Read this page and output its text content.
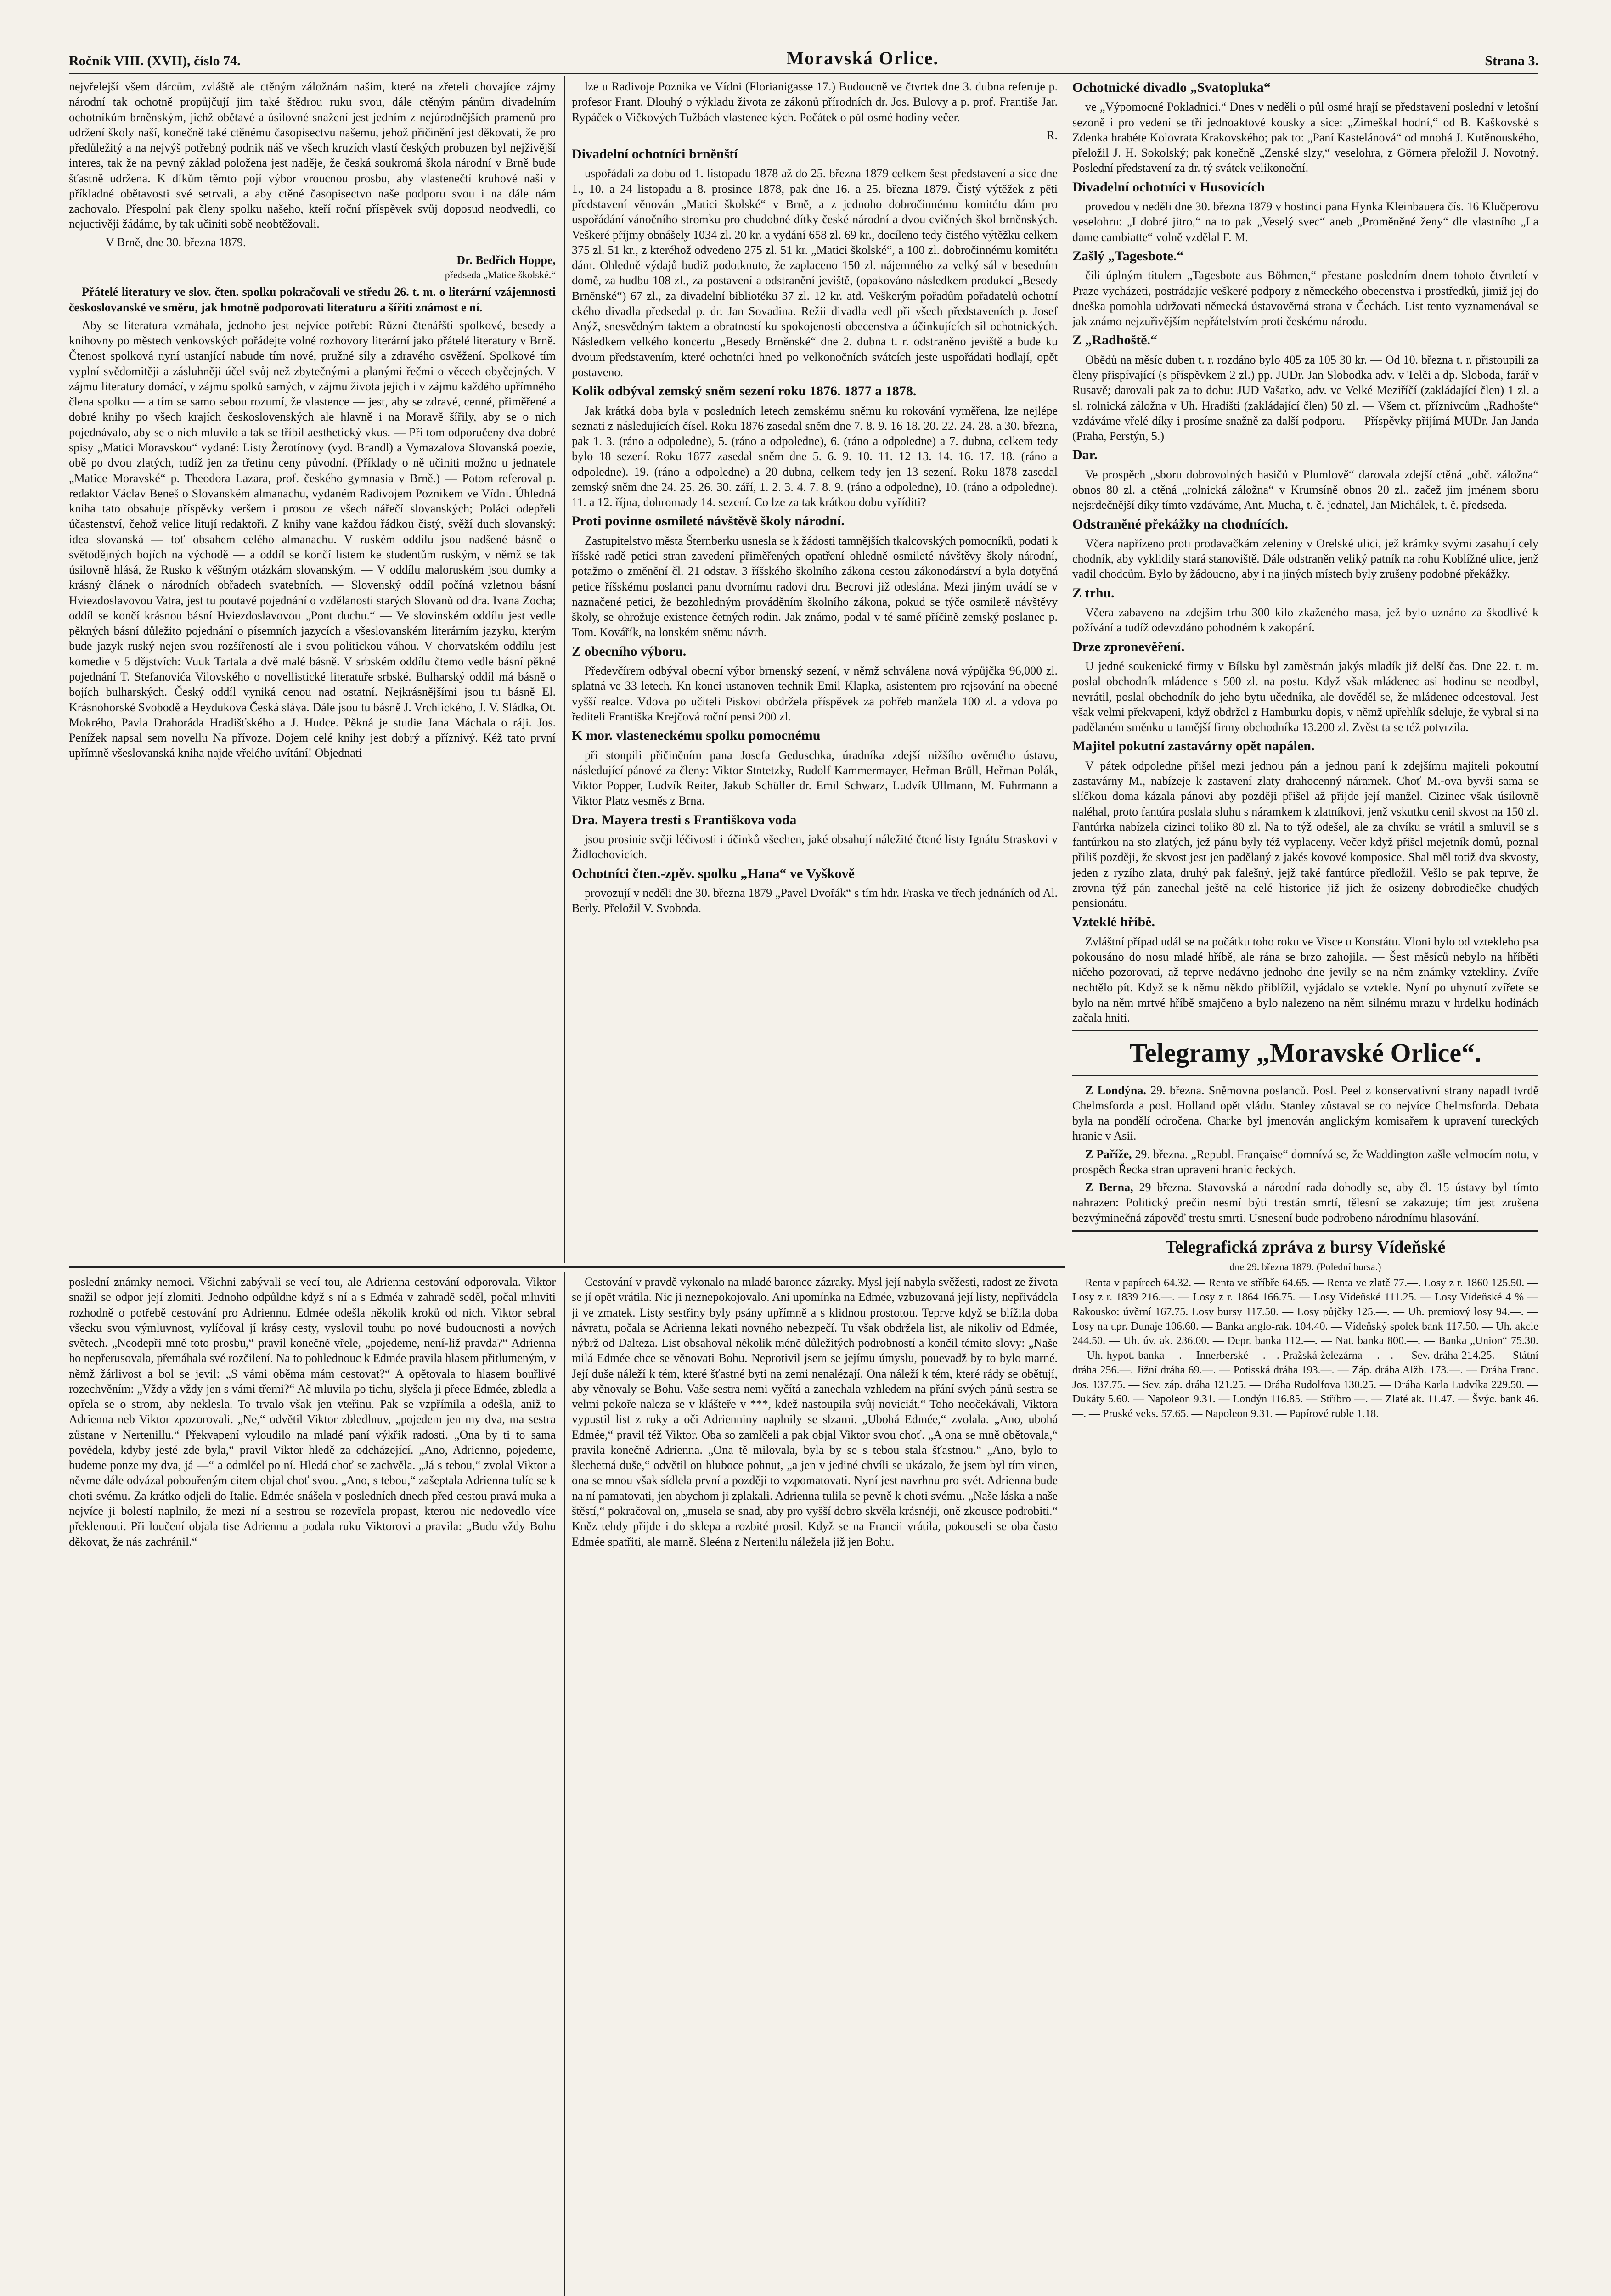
Ročník VIII. (XVII), číslo 74.	Moravská Orlice.	Strana 3.

nejvřelejší všem dárcům, zvláště ale ctěným záložnám našim, které na zřeteli chovajíce zájmy národní tak ochotně propůjčují jim také štědrou ruku svou, dále ctěným pánům divadelním ochotníkům brněnským, jichž obětavé a úsilovné snažení jest jedním z nejúrodnějších pramenů pro udržení školy naší, konečně také ctěnému časopisectvu našemu, jehož přičinění jest děkovati, že pro předůležitý a na nejvýš potřebný podnik náš ve všech kruzích vlastí českých probuzen byl nejživější interes, tak že na pevný základ položena jest naděje, že česká soukromá škola národní v Brně bude šťastně udržena. K díkům těmto pojí výbor vroucnou prosbu, aby vlastenečtí kruhové naši v příkladné obětavosti své setrvali, a aby ctěné časopisectvo naše podporu svou i na dále nám zachovalo. Přespolní pak členy spolku našeho, kteří roční příspěvek svůj doposud neodvedli, co nejuctivěji žádáme, by tak učiniti sobě neobtěžovali.

V Brně, dne 30. března 1879.

Dr. Bedřich Hoppe,

předseda „Matice školské.“

Přátelé literatury ve slov. čten. spolku pokračovali ve středu 26. t. m. o literární vzájemnosti českoslovanské ve směru, jak hmotně podporovati literaturu a šířiti známost e ní.

Aby se literatura vzmáhala, jednoho jest nejvíce potřebí: Různí čtenářští spolkové, besedy a knihovny po městech venkovských pořádejte volné rozhovory literární jako přátelé literatury v Brně. Čtenost spolková nyní ustanjící nabude tím nové, pružné síly a zdravého osvěžení. Spolkové tím vyplní svědomitěji a zásluhněji účel svůj než zbytečnými a planými řečmi o věcech obyčejných. V zájmu literatury domácí, v zájmu spolků samých, v zájmu života jejich i v zájmu každého upřímného člena spolku — a tím se samo sebou rozumí, že vlastence — jest, aby se zdravé, cenné, přiměřené a dobré knihy po všech krajích československých ale hlavně i na Moravě šířily, aby se o nich pojednávalo, aby se o nich mluvilo a tak se tříbil aesthetický vkus. — Při tom odporučeny dva dobré spisy „Matici Moravskou“ vydané: Listy Žerotínovy (vyd. Brandl) a Vymazalova Slovanská poezie, obě po dvou zlatých, tudíž jen za třetinu ceny původní. (Příklady o ně učiniti možno u jednatele „Matice Moravské“ p. Theodora Lazara, prof. českého gymnasia v Brně.) — Potom referoval p. redaktor Václav Beneš o Slovanském almanachu, vydaném Radivojem Poznikem ve Vídni. Úhledná kniha tato obsahuje příspěvky veršem i prosou ze všech nářečí slovanských; Poláci odepřeli účastenství, čehož velice litují redaktoři. Z knihy vane každou řádkou čistý, svěží duch slovanský: idea slovanská — toť obsahem celého almanachu. V ruském oddílu jsou nadšené básně o světodějných bojích na východě — a oddíl se končí listem ke studentům ruským, v němž se tak úsilovně hlásá, že Rusko k věštným otázkám slovanským. — V oddílu maloruském jsou dumky a krásný článek o národních obřadech svatebních. — Slovenský oddíl počíná vzletnou básní Hviezdoslavovou Vatra, jest tu poutavé pojednání o vzdělanosti starých Slovanů od dra. Ivana Zocha; oddíl se končí krásnou básní Hviezdoslavovou „Pont duchu.“ — Ve slovinském oddílu jest vedle pěkných básní důležito pojednání o písemních jazycích a všeslovanském literárním jazyku, kterým bude jazyk ruský nejen svou rozšířeností ale i svou politickou váhou. V chorvatském oddílu jest komedie v 5 dějstvích: Vuuk Tartala a dvě malé básně. V srbském oddílu čtemo vedle básní pěkné pojednání T. Stefanovića Vilovského o novellistické literatuře srbské. Bulharský oddíl má básně o bojích bulharských. Český oddíl vyniká cenou nad ostatní. Nejkrásnějšími jsou tu básně El. Krásnohorské Svobodě a Heydukova Česká sláva. Dále jsou tu básně J. Vrchlického, J. V. Sládka, Ot. Mokrého, Pavla Drahoráda Hradišťského a J. Hudce. Pěkná je studie Jana Máchala o ráji. Jos. Penížek napsal sem novellu Na přívoze. Dojem celé knihy jest dobrý a příznivý. Kéž tato první upřímně všeslovanská kniha najde vřelého uvítání! Objednati

lze u Radivoje Poznika ve Vídni (Florianigasse 17.) Budoucně ve čtvrtek dne 3. dubna referuje p. profesor Frant. Dlouhý o výkladu života ze zákonů přírodních dr. Jos. Bulovy a p. prof. Františe Jar. Rypáček o Vičkových Tužbách vlastenec kých. Počátek o půl osmé hodiny večer.

R.

Divadelní ochotníci brněnští

uspořádali za dobu od 1. listopadu 1878 až do 25. března 1879 celkem šest představení a sice dne 1., 10. a 24 listopadu a 8. prosince 1878, pak dne 16. a 25. března 1879. Čistý výtěžek z pěti představení věnován „Matici školské“ v Brně, a z jednoho dobročinnému komitétu dám pro uspořádání vánočního stromku pro chudobné dítky české národní a dvou cvičných škol brněnských. Veškeré příjmy obnášely 1034 zl. 20 kr. a vydání 658 zl. 69 kr., docíleno tedy čistého výtěžku celkem 375 zl. 51 kr., z kteréhož odvedeno 275 zl. 51 kr. „Matici školské“, a 100 zl. dobročinnému komitétu dám. Ohledně výdajů budiž podotknuto, že zaplaceno 150 zl. nájemného za velký sál v besedním domě, za hudbu 108 zl., za postavení a odstranění jeviště, (opakováno následkem produkcí „Besedy Brněnské“) 67 zl., za divadelní bibliotéku 37 zl. 12 kr. atd. Veškerým pořadům pořadatelů ochotní ckého divadla předsedal p. dr. Jan Sovadina. Režii divadla vedl při všech představeních p. Josef Anýž, snesvědným taktem a obratností ku spokojenosti obecenstva a účinkujících sil ochotnických. Následkem velkého koncertu „Besedy Brněnské“ dne 2. dubna t. r. odstraněno jeviště a bude ku dvoum představením, které ochotníci hned po velkonočních svátcích jeste uspořádati hodlají, opět postaveno.

Kolik odbýval zemský sněm sezení roku 1876. 1877 a 1878.

Jak krátká doba byla v posledních letech zemskému sněmu ku rokování vyměřena, lze nejlépe seznati z následujících čísel. Roku 1876 zasedal sněm dne 7. 8. 9. 16 18. 20. 22. 24. 28. a 30. března, pak 1. 3. (ráno a odpoledne), 5. (ráno a odpoledne), 6. (ráno a odpoledne) a 7. dubna, celkem tedy bylo 18 sezení. Roku 1877 zasedal sněm dne 5. 6. 9. 10. 11. 12 13. 14. 16. 17. 18. (ráno a odpoledne). 19. (ráno a odpoledne) a 20 dubna, celkem tedy jen 13 sezení. Roku 1878 zasedal zemský sněm dne 24. 25. 26. 30. září, 1. 2. 3. 4. 7. 8. 9. (ráno a odpoledne), 10. (ráno a odpoledne). 11. a 12. října, dohromady 14. sezení. Co lze za tak krátkou dobu vyříditi?

Proti povinne osmileté návštěvě školy národní.

Zastupitelstvo města Šternberku usnesla se k žádosti tamnějších tkalcovských pomocníků, podati k říšské radě petici stran zavedení přiměřených opatření ohledně osmileté návštěvy školy národní, potažmo o změnění čl. 21 odstav. 3 říšského školního zákona cestou zákonodárství a byla dotyčná petice říšskému poslanci panu dvornímu radovi dru. Becrovi již odeslána. Mezi jiným uvádí se v naznačené petici, že bezohledným prováděním školního zákona, pokud se týče osmiletě návštěvy školy, se ohrožuje existence četných rodin. Jak známo, podal v té samé příčině zemský poslanec p. Tom. Kovářík, na lonském sněmu návrh.

Z obecního výboru.

Předevčírem odbýval obecní výbor brnenský sezení, v němž schválena nová výpůjčka 96,000 zl. splatná ve 33 letech. Kn konci ustanoven technik Emil Klapka, asistentem pro rejsování na obecné vyšší realce. Vdova po učiteli Piskovi obdržela příspěvek za pohřeb manžela 100 zl. a vdova po řediteli Františka Krejčová roční pensi 200 zl.

K mor. vlasteneckému spolku pomocnému

při stonpili přičiněním pana Josefa Geduschka, úradníka zdejší nižšího ověrného ústavu, následující pánové za členy: Viktor Stntetzky, Rudolf Kammermayer, Heřman Brüll, Heřman Polák, Viktor Popper, Ludvík Reiter, Jakub Schüller dr. Emil Schwarz, Ludvík Ullmann, M. Fuhrmann a Viktor Platz vesměs z Brna.

Dra. Mayera tresti s Františkova voda

jsou prosinie svěji léčivosti i účinků všechen, jaké obsahují náležité čtené listy Ignátu Straskovi v Židlochovicích.

Ochotníci čten.-zpěv. spolku „Hana“ ve Vyškově

provozují v neděli dne 30. března 1879 „Pavel Dvořák“ s tím hdr. Fraska ve třech jednáních od Al. Berly. Přeložil V. Svoboda.

Ochotnické divadlo „Svatopluka“

ve „Výpomocné Pokladnici.“ Dnes v neděli o půl osmé hrají se představení poslední v letošní sezoně i pro vedení se tři jednoaktové kousky a sice: „Zimeškal hodní,“ od B. Kaškovské s Zdenka hrabéte Kolovrata Krakovského; pak to: „Paní Kastelánová“ od mnohá J. Kutěnouského, přeložil J. H. Sokolský; pak konečně „Zenské slzy,“ veselohra, z Görnera přeložil J. Novotný. Poslední představení za dr. tý svátek velikonoční.

Divadelní ochotníci v Husovicích

provedou v neděli dne 30. března 1879 v hostinci pana Hynka Kleinbauera čís. 16 Klučperovu veselohru: „I dobré jitro,“ na to pak „Veselý svec“ aneb „Proměněné ženy“ dle vlastního „La dame cambiatte“ volně vzdělal F. M.

Zašlý „Tagesbote.“

čili úplným titulem „Tagesbote aus Böhmen,“ přestane posledním dnem tohoto čtvrtletí v Praze vycházeti, postrádajíc veškeré podpory z německého obecenstva i prostředků, jimiž jej do dneška pomohla udržovati německá ústavověrná strana v Čechách. List tento vyznamenával se jak známo nejzuřivějším nepřátelstvím proti českému národu.

Z „Radhoště.“

Obědů na měsíc duben t. r. rozdáno bylo 405 za 105 30 kr. — Od 10. března t. r. přistoupili za členy přispívající (s příspěvkem 2 zl.) pp. JUDr. Jan Slobodka adv. v Telči a dp. Sloboda, farář v Rusavě; darovali pak za to dobu: JUD Vašatko, adv. ve Velké Meziříčí (zakládající člen) 1 zl. a sl. rolnická záložna v Uh. Hradišti (zakládající člen) 50 zl. — Všem ct. příznivcům „Radhošte“ vzdáváme vřelé díky i prosíme snažně za další podporu. — Příspěvky přijímá MUDr. Jan Janda (Praha, Perstýn, 5.)

Dar.

Ve prospěch „sboru dobrovolných hasičů v Plumlově“ darovala zdejší ctěná „obč. záložna“ obnos 80 zl. a ctěná „rolnická záložna“ v Krumsíně obnos 20 zl., začež jim jménem sboru nejsrdečnější díky tímto vzdáváme, Ant. Mucha, t. č. jednatel, Jan Michálek, t. č. předseda.

Odstraněné překážky na chodnících.

Včera napřízeno proti prodavačkám zeleniny v Orelské ulici, jež krámky svými zasahují cely chodník, aby vyklidily stará stanoviště. Dále odstraněn veliký patník na rohu Koblížné ulice, jenž vadil chodcům. Bylo by žádoucno, aby i na jiných místech byly zrušeny podobné překážky.

Z trhu.

Včera zabaveno na zdejším trhu 300 kilo zkaženého masa, jež bylo uznáno za škodlivé k požívání a tudíž odevzdáno pohodném k zakopání.

Drze zpronevěření.

U jedné soukenické firmy v Bílsku byl zaměstnán jakýs mladík již delší čas. Dne 22. t. m. poslal obchodník mládence s 500 zl. na postu. Když však mládenec asi hodinu se neodbyl, nevrátil, poslal obchodník do jeho bytu učedníka, ale dověděl se, že mládenec odcestoval. Jest však velmi překvapeni, když obdržel z Hamburku dopis, v němž upřehlík sdeluje, že vybral si na padělaném směnku u tamější firmy obchodníka 13.200 zl. Zvěst ta se též potvrzila.

Majitel pokutní zastavárny opět napálen.

V pátek odpoledne přišel mezi jednou pán a jednou paní k zdejšímu majiteli pokoutní zastavárny M., nabízeje k zastavení zlaty drahocenný náramek. Choť M.-ova byvši sama se slíčkou doma kázala pánovi aby později přišel až přijde její manžel. Cizinec však úsilovně naléhal, proto fantúra poslala sluhu s náramkem k zlatníkovi, jenž vskutku cenil skvost na 150 zl. Fantúrka nabízela cizinci toliko 80 zl. Na to týž odešel, ale za chvíku se vrátil a smluvil se s fantúrkou na sto zlatých, jež pánu byly též vyplaceny. Večer když přišel mejetník domů, poznal přiliš později, že skvost jest jen padělaný z jakés kovové komposice. Sbal měl totiž dva skvosty, jeden z ryzího zlata, druhý pak falešný, jejž také fantúrce předložil. Vešlo se pak teprve, že zrovna týž pán zanechal ještě na celé historice již jich že osizeny dobrodiečke chudých pensionátu.

Vzteklé hříbě.

Zvláštní případ udál se na počátku toho roku ve Visce u Konstátu. Vloni bylo od vztekleho psa pokousáno do nosu mladé hříbě, ale rána se brzo zahojila. — Šest měsíců nebylo na hříběti ničeho pozorovati, až teprve nedávno jednoho dne jevily se na něm známky vztekliny. Zvíře nechtělo pít. Když se k němu někdo přiblížil, vyjádalo se vztekle. Nyní po uhynutí zvířete se bylo na něm mrtvé hříbě smajčeno a bylo nalezeno na něm silnému mrazu v hrdelku hodinách začala hniti.

Telegramy „Moravské Orlice“.

Z Londýna. 29. března. Sněmovna poslanců. Posl. Peel z konservativní strany napadl tvrdě Chelmsforda a posl. Holland opět vládu. Stanley zůstaval se co nejvíce Chelmsforda. Debata byla na pondělí odročena. Charke byl jmenován anglickým komisařem k upravení tureckých hranic v Asii.

Z Paříže, 29. března. „Republ. Française“ domnívá se, že Waddington zašle velmocím notu, v prospěch Řecka stran upravení hranic řeckých.

Z Berna, 29 března. Stavovská a národní rada dohodly se, aby čl. 15 ústavy byl tímto nahrazen: Politický prečin nesmí býti trestán smrtí, tělesní se zakazuje; tím jest zrušena bezvýminečná zápověď trestu smrti. Usnesení bude podrobeno národnímu hlasování.

Telegrafická zpráva z bursy Vídeňské
dne 29. března 1879. (Polední bursa.)

Renta v papírech 64.32. — Renta ve stříbře 64.65. — Renta ve zlatě 77.—. Losy z r. 1860 125.50. — Losy z r. 1839 216.—. — Losy z r. 1864 166.75. — Losy Vídeňské 111.25. — Losy Vídeňské 4 % — Rakousko: úvěrní 167.75. Losy bursy 117.50. — Losy půjčky 125.—. — Uh. premiový losy 94.—. — Losy na upr. Dunaje 106.60. — Banka anglo-rak. 104.40. — Vídeňský spolek bank 117.50. — Uh. akcie 244.50. — Uh. úv. ak. 236.00. — Depr. banka 112.—. — Nat. banka 800.—. — Banka „Union“ 75.30. — Uh. hypot. banka —.— Innerberské —.—. Pražská železárna —.—. — Sev. dráha 214.25. — Státní dráha 256.—. Jižní dráha 69.—. — Potisská dráha 193.—. — Záp. dráha Alžb. 173.—. — Dráha Franc. Jos. 137.75. — Sev. záp. dráha 121.25. — Dráha Rudolfova 130.25. — Dráha Karla Ludvíka 229.50. — Dukáty 5.60. — Napoleon 9.31. — Londýn 116.85. — Stříbro —. — Zlaté ak. 11.47. — Švýc. bank 46.—. — Pruské veks. 57.65. — Napoleon 9.31. — Papírové ruble 1.18.

poslední známky nemoci. Všichni zabývali se vecí tou, ale Adrienna cestování odporovala. Viktor snažil se odpor její zlomiti. Jednoho odpůldne když s ní a s Edméa v zahradě seděl, počal mluviti rozhodně o potřebě cestování pro Adriennu. Edmée odešla několik kroků od nich. Viktor sebral všecku svou výmluvnost, vylíčoval jí krásy cesty, vyslovil touhu po nové budoucnosti a nových světech. „Neodepři mně toto prosbu,“ pravil konečně vřele, „pojedeme, není-liž pravda?“ Adrienna ho nepřerusovala, přemáhala své rozčilení. Na to pohlednouc k Edmée pravila hlasem přitlumeným, v němž žárlivost a bol se jevil: „S vámi oběma mám cestovat?“ A opětovala to hlasem bouřlivé rozechvěním: „Vždy a vždy jen s vámi třemi?“ Ač mluvila po tichu, slyšela ji přece Edmée, zbledla a opřela se o strom, aby neklesla. To trvalo však jen vteřinu. Pak se vzpřímila a odešla, aniž to Adrienna neb Viktor zpozorovali. „Ne,“ odvětil Viktor zbledlnuv, „pojedem jen my dva, ma sestra zůstane v Nertenillu.“ Překvapení vyloudilo na mladé paní výkřik radosti. „Ona by ti to sama povědela, kdyby jesté zde byla,“ pravil Viktor hledě za odcházející. „Ano, Adrienno, pojedeme, budeme ponze my dva, já —“ a odmlčel po ní. Hledá choť se zachvěla. „Já s tebou,“ zvolal Viktor a něvme dále odvázal pobouřeným citem objal choť svou. „Ano, s tebou,“ zašeptala Adrienna tulíc se k choti svému. Za krátko odjeli do Italie. Edmée snášela v posledních dnech před cestou pravá muka a nejvíce ji bolestí naplnilo, že mezi ní a sestrou se rozevřela propast, kterou nic nedovedlo více překlenouti. Při loučení objala tise Adriennu a podala ruku Viktorovi a pravila: „Budu vždy Bohu děkovat, že nás zachránil.“

Cestování v pravdě vykonalo na mladé baronce zázraky. Mysl její nabyla svěžesti, radost ze života se jí opět vrátila. Nic ji neznepokojovalo. Ani upomínka na Edmée, vzbuzovaná její listy, nepřivádela ji ve zmatek. Listy sestřiny byly psány upřímně a s klidnou prostotou. Teprve když se blížila doba návratu, počala se Adrienna lekati novného nebezpečí. Tu však obdržela list, ale nikoliv od Edmée, nýbrž od Dalteza. List obsahoval několik méně důležitých podrobností a končil témito slovy: „Naše milá Edmée chce se věnovati Bohu. Neprotivil jsem se jejímu úmyslu, pouevadž by to bylo marné. Její duše náleží k tém, které šťastné byti na zemi nenalézají. Ona náleží k tém, které rády se obětují, aby věnovaly se Bohu. Vaše sestra nemi vyčítá a zanechala vzhledem na přání svých pánů sestra se velmi pokoře naleza se v klášteře v ***, kdež nastoupila svůj noviciát.“ Toho neočekávali, Viktora vypustil list z ruky a oči Adrienniny naplnily se slzami. „Ubohá Edmée,“ zvolala. „Ano, ubohá Edmée,“ pravil též Viktor. Oba so zamlčeli a pak objal Viktor svou choť. „A ona se mně obětovala,“ pravila konečně Adrienna. „Ona tě milovala, byla by se s tebou stala šťastnou.“ „Ano, bylo to šlechetná duše,“ odvětil on hluboce pohnut, „a jen v jediné chvíli se ukázalo, že jsem byl tím vinen, ona se mnou však sídlela první a později to vzpomatovati. Nyní jest navrhnu pro svét. Adrienna bude na ní pamatovati, jen abychom ji zplakali. Adrienna tulila se pevně k choti svému. „Naše láska a naše štěstí,“ pokračoval on, „musela se snad, aby pro vyšší dobro skvěla krásnéji, oně zkousce podrobiti.“ Kněz tehdy přijde i do sklepa a rozbité prosil. Když se na Francii vrátila, pokouseli se oba často Edmée spatřiti, ale marně. Sleéna z Nertenilu náležela již jen Bohu.
